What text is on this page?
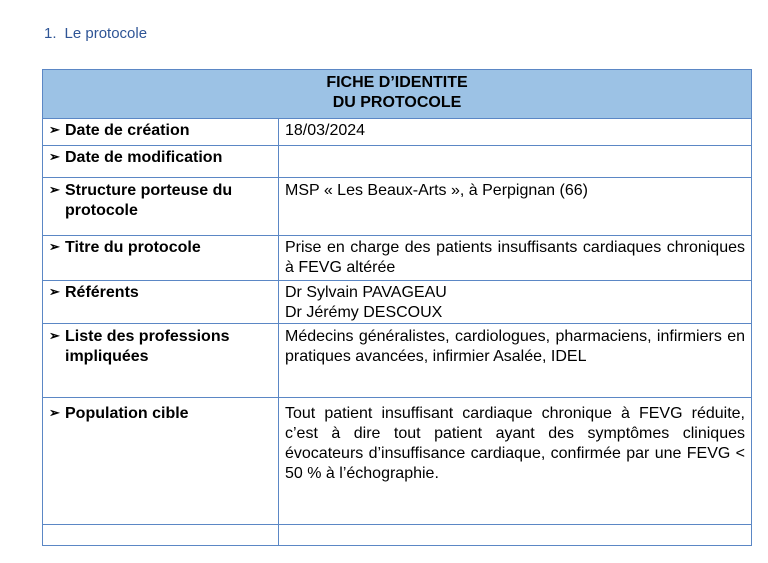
1. Le protocole
FICHE D’IDENTITE
DU PROTOCOLE	

➢ Date de création	18/03/2024

➢ Date de modification	

➢ Structure porteuse du protocole	MSP « Les Beaux-Arts », à Perpignan (66)

➢ Titre du protocole	Prise en charge des patients insuffisants cardiaques chroniques à FEVG altérée

➢ Référents	Dr Sylvain PAVAGEAU
Dr Jérémy DESCOUX

➢ Liste des professions impliquées	Médecins généralistes, cardiologues, pharmaciens, infirmiers en pratiques avancées, infirmier Asalée, IDEL

➢ Population cible	Tout patient insuffisant cardiaque chronique à FEVG réduite, c’est à dire tout patient ayant des symptômes cliniques évocateurs d’insuffisance cardiaque, confirmée par une FEVG < 50 % à l’échographie.
